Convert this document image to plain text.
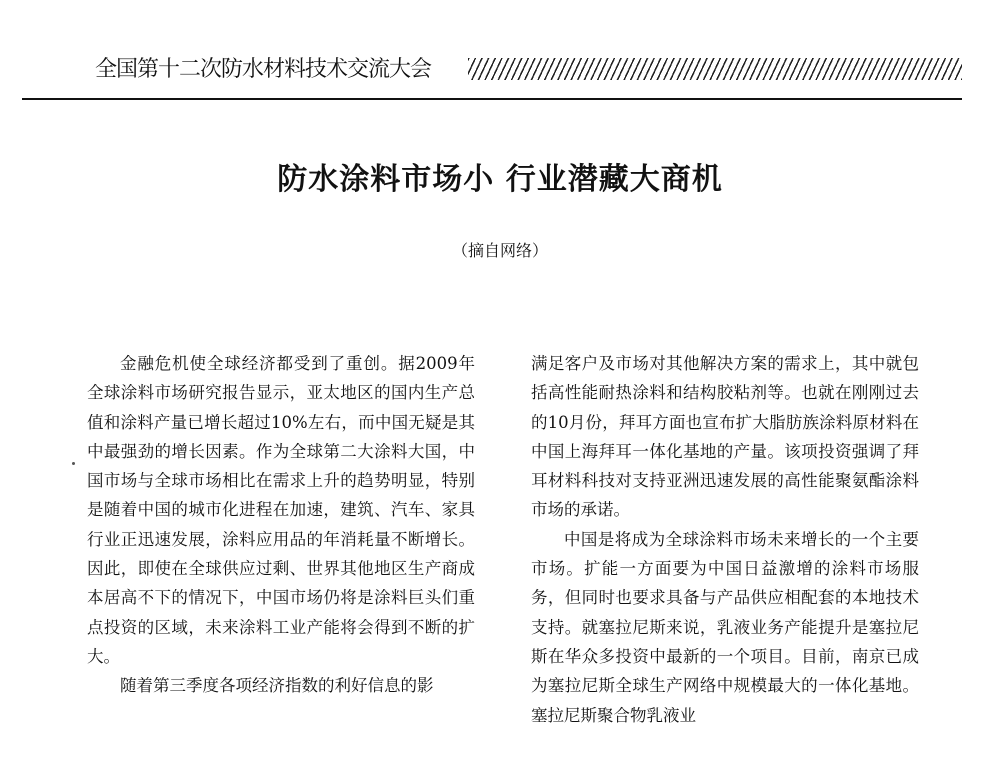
全国第十二次防水材料技术交流大会
防水涂料市场小 行业潜藏大商机
（摘自网络）

金融危机使全球经济都受到了重创。据2009年全球涂料市场研究报告显示，亚太地区的国内生产总值和涂料产量已增长超过10%左右，而中国无疑是其中最强劲的增长因素。作为全球第二大涂料大国，中国市场与全球市场相比在需求上升的趋势明显，特别是随着中国的城市化进程在加速，建筑、汽车、家具行业正迅速发展，涂料应用品的年消耗量不断增长。因此，即使在全球供应过剩、世界其他地区生产商成本居高不下的情况下，中国市场仍将是涂料巨头们重点投资的区域，未来涂料工业产能将会得到不断的扩大。

随着第三季度各项经济指数的利好信息的影

满足客户及市场对其他解决方案的需求上，其中就包括高性能耐热涂料和结构胶粘剂等。也就在刚刚过去的10月份，拜耳方面也宣布扩大脂肪族涂料原材料在中国上海拜耳一体化基地的产量。该项投资强调了拜耳材料科技对支持亚洲迅速发展的高性能聚氨酯涂料市场的承诺。

中国是将成为全球涂料市场未来增长的一个主要市场。扩能一方面要为中国日益激增的涂料市场服务，但同时也要求具备与产品供应相配套的本地技术支持。就塞拉尼斯来说，乳液业务产能提升是塞拉尼斯在华众多投资中最新的一个项目。目前，南京已成为塞拉尼斯全球生产网络中规模最大的一体化基地。塞拉尼斯聚合物乳液业
